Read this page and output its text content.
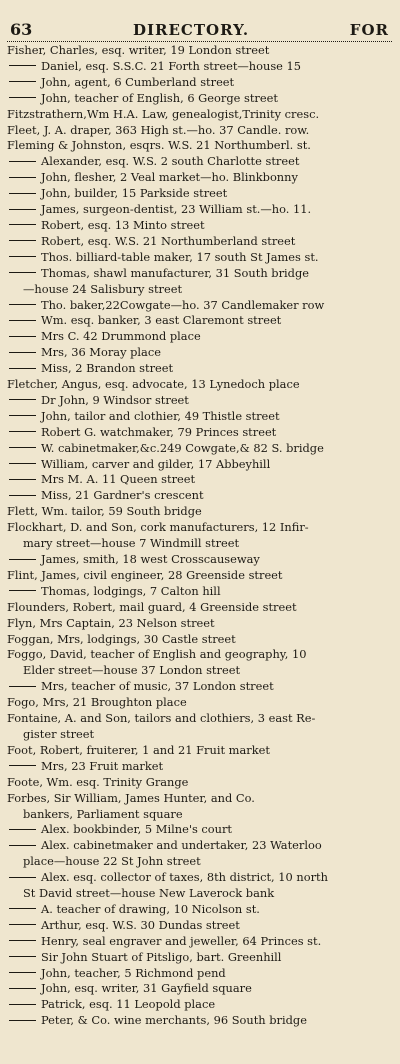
63	DIRECTORY.	FOR
Fisher, Charles, esq. writer, 19 London street
Daniel, esq. S.S.C. 21 Forth street—house 15
John, agent, 6 Cumberland street
John, teacher of English, 6 George street
Fitzstrathern,Wm H.A. Law, genealogist,Trinity cresc.
Fleet, J. A. draper, 363 High st.—ho. 37 Candle. row.
Fleming & Johnston, esqrs. W.S. 21 Northumberl. st.
Alexander, esq. W.S. 2 south Charlotte street
John, flesher, 2 Veal market—ho. Blinkbonny
John, builder, 15 Parkside street
James, surgeon-dentist, 23 William st.—ho. 11.
Robert, esq. 13 Minto street
Robert, esq. W.S. 21 Northumberland street
Thos. billiard-table maker, 17 south St James st.
Thomas, shawl manufacturer, 31 South bridge
—house 24 Salisbury street
Tho. baker,22Cowgate—ho. 37 Candlemaker row
Wm. esq. banker, 3 east Claremont street
Mrs C. 42 Drummond place
Mrs, 36 Moray place
Miss, 2 Brandon street
Fletcher, Angus, esq. advocate, 13 Lynedoch place
Dr John, 9 Windsor street
John, tailor and clothier, 49 Thistle street
Robert G. watchmaker, 79 Princes street
W. cabinetmaker,&c.249 Cowgate,& 82 S. bridge
William, carver and gilder, 17 Abbeyhill
Mrs M. A. 11 Queen street
Miss, 21 Gardner's crescent
Flett, Wm. tailor, 59 South bridge
Flockhart, D. and Son, cork manufacturers, 12 Infir-
mary street—house 7 Windmill street
James, smith, 18 west Crosscauseway
Flint, James, civil engineer, 28 Greenside street
Thomas, lodgings, 7 Calton hill
Flounders, Robert, mail guard, 4 Greenside street
Flyn, Mrs Captain, 23 Nelson street
Foggan, Mrs, lodgings, 30 Castle street
Foggo, David, teacher of English and geography, 10
Elder street—house 37 London street
Mrs, teacher of music, 37 London street
Fogo, Mrs, 21 Broughton place
Fontaine, A. and Son, tailors and clothiers, 3 east Re-
gister street
Foot, Robert, fruiterer, 1 and 21 Fruit market
Mrs, 23 Fruit market
Foote, Wm. esq. Trinity Grange
Forbes, Sir William, James Hunter, and Co.
bankers, Parliament square
Alex. bookbinder, 5 Milne's court
Alex. cabinetmaker and undertaker, 23 Waterloo
place—house 22 St John street
Alex. esq. collector of taxes, 8th district, 10 north
St David street—house New Laverock bank
A. teacher of drawing, 10 Nicolson st.
Arthur, esq. W.S. 30 Dundas street
Henry, seal engraver and jeweller, 64 Princes st.
Sir John Stuart of Pitsligo, bart. Greenhill
John, teacher, 5 Richmond pend
John, esq. writer, 31 Gayfield square
Patrick, esq. 11 Leopold place
Peter, & Co. wine merchants, 96 South bridge
